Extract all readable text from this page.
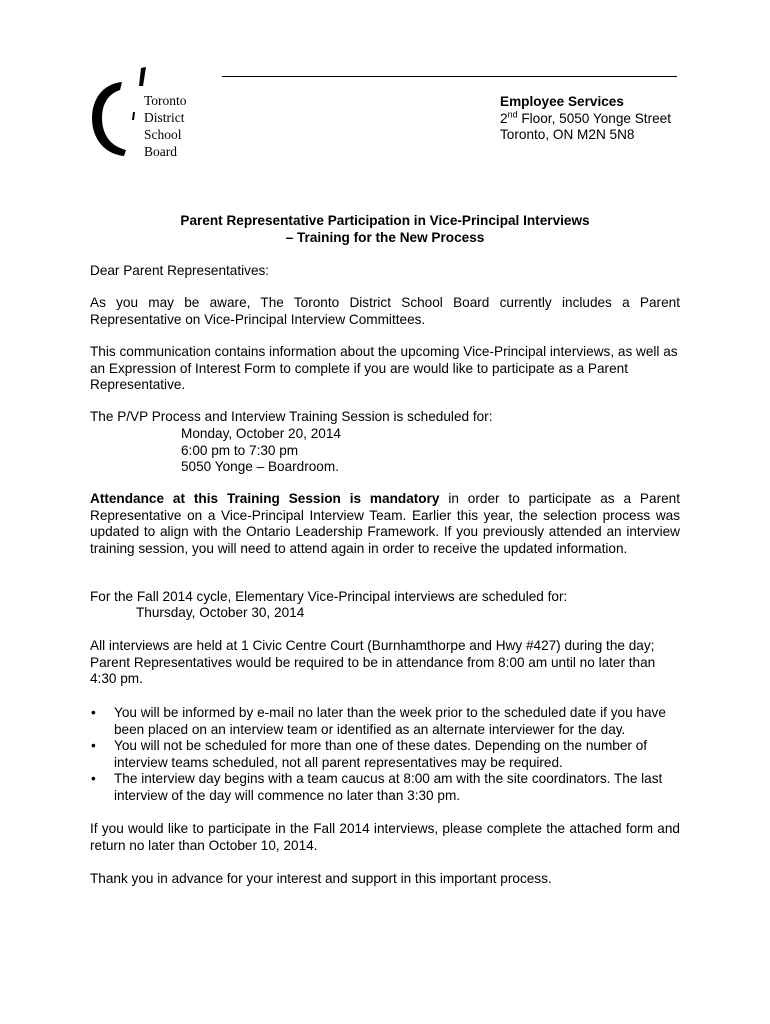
Toronto
District
School
Board
Employee Services
2nd Floor, 5050 Yonge Street
Toronto, ON M2N 5N8
Parent Representative Participation in Vice-Principal Interviews
– Training for the New Process
Dear Parent Representatives:
As you may be aware, The Toronto District School Board currently includes a Parent Representative on Vice-Principal Interview Committees.
This communication contains information about the upcoming Vice-Principal interviews, as well as an Expression of Interest Form to complete if you are would like to participate as a Parent Representative.
The P/VP Process and Interview Training Session is scheduled for:
Monday, October 20, 2014
6:00 pm to 7:30 pm
5050 Yonge – Boardroom.
Attendance at this Training Session is mandatory in order to participate as a Parent Representative on a Vice-Principal Interview Team. Earlier this year, the selection process was updated to align with the Ontario Leadership Framework. If you previously attended an interview training session, you will need to attend again in order to receive the updated information.
For the Fall 2014 cycle, Elementary Vice-Principal interviews are scheduled for:
Thursday, October 30, 2014
All interviews are held at 1 Civic Centre Court (Burnhamthorpe and Hwy #427) during the day; Parent Representatives would be required to be in attendance from 8:00 am until no later than 4:30 pm.
• You will be informed by e-mail no later than the week prior to the scheduled date if you have been placed on an interview team or identified as an alternate interviewer for the day.
• You will not be scheduled for more than one of these dates. Depending on the number of interview teams scheduled, not all parent representatives may be required.
• The interview day begins with a team caucus at 8:00 am with the site coordinators. The last interview of the day will commence no later than 3:30 pm.
If you would like to participate in the Fall 2014 interviews, please complete the attached form and return no later than October 10, 2014.
Thank you in advance for your interest and support in this important process.
